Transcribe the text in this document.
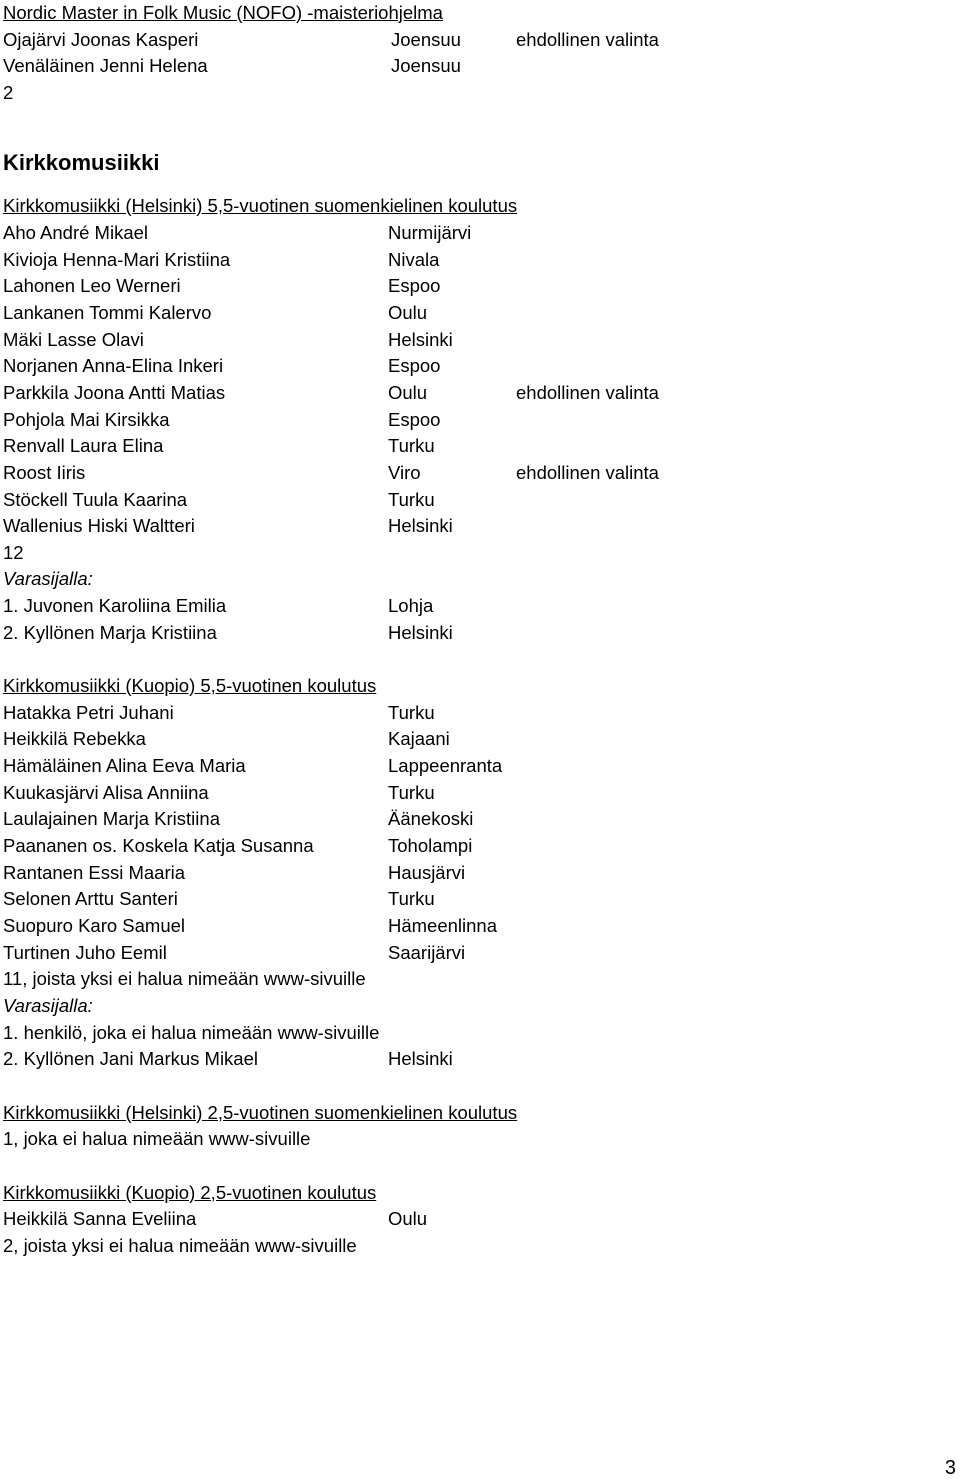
Nordic Master in Folk Music (NOFO) -maisteriohjelma
Ojajärvi Joonas Kasperi	Joensuu	ehdollinen valinta
Venäläinen Jenni Helena	Joensuu
2
Kirkkomusiikki
Kirkkomusiikki (Helsinki) 5,5-vuotinen suomenkielinen koulutus
Aho André Mikael	Nurmijärvi
Kivioja Henna-Mari Kristiina	Nivala
Lahonen Leo Werneri	Espoo
Lankanen Tommi Kalervo	Oulu
Mäki Lasse Olavi	Helsinki
Norjanen Anna-Elina Inkeri	Espoo
Parkkila Joona Antti Matias	Oulu	ehdollinen valinta
Pohjola Mai Kirsikka	Espoo
Renvall Laura Elina	Turku
Roost Iiris	Viro	ehdollinen valinta
Stöckell Tuula Kaarina	Turku
Wallenius Hiski Waltteri	Helsinki
12
Varasijalla:
1. Juvonen Karoliina Emilia	Lohja
2. Kyllönen Marja Kristiina	Helsinki
Kirkkomusiikki (Kuopio) 5,5-vuotinen koulutus
Hatakka Petri Juhani	Turku
Heikkilä Rebekka	Kajaani
Hämäläinen Alina Eeva Maria	Lappeenranta
Kuukasjärvi Alisa Anniina	Turku
Laulajainen Marja Kristiina	Äänekoski
Paananen os. Koskela Katja Susanna	Toholampi
Rantanen Essi Maaria	Hausjärvi
Selonen Arttu Santeri	Turku
Suopuro Karo Samuel	Hämeenlinna
Turtinen Juho Eemil	Saarijärvi
11, joista yksi ei halua nimeään www-sivuille
Varasijalla:
1. henkilö, joka ei halua nimeään www-sivuille
2. Kyllönen Jani Markus Mikael	Helsinki
Kirkkomusiikki (Helsinki) 2,5-vuotinen suomenkielinen koulutus
1, joka ei halua nimeään www-sivuille
Kirkkomusiikki (Kuopio) 2,5-vuotinen koulutus
Heikkilä Sanna Eveliina	Oulu
2, joista yksi ei halua nimeään www-sivuille
3
